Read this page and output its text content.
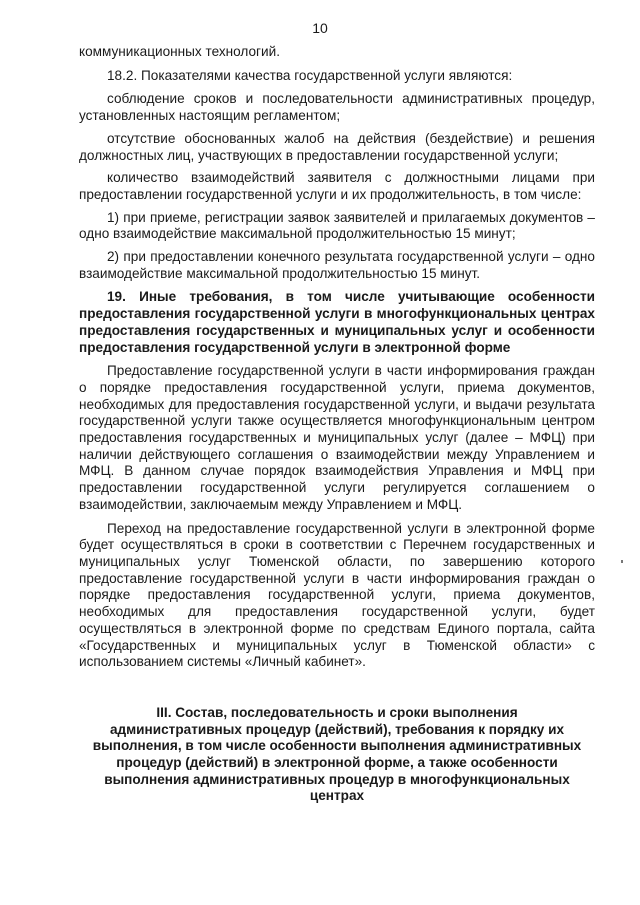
10

коммуникационных технологий.

18.2. Показателями качества государственной услуги являются:

соблюдение сроков и последовательности административных процедур, установленных настоящим регламентом;

отсутствие обоснованных жалоб на действия (бездействие) и решения должностных лиц, участвующих в предоставлении государственной услуги;

количество взаимодействий заявителя с должностными лицами при предоставлении государственной услуги и их продолжительность, в том числе:

1) при приеме, регистрации заявок заявителей и прилагаемых документов – одно взаимодействие максимальной продолжительностью 15 минут;

2) при предоставлении конечного результата государственной услуги – одно взаимодействие максимальной продолжительностью 15 минут.

19. Иные требования, в том числе учитывающие особенности предоставления государственной услуги в многофункциональных центрах предоставления государственных и муниципальных услуг и особенности предоставления государственной услуги в электронной форме

Предоставление государственной услуги в части информирования граждан о порядке предоставления государственной услуги, приема документов, необходимых для предоставления государственной услуги, и выдачи результата государственной услуги также осуществляется многофункциональным центром предоставления государственных и муниципальных услуг (далее – МФЦ) при наличии действующего соглашения о взаимодействии между Управлением и МФЦ. В данном случае порядок взаимодействия Управления и МФЦ при предоставлении государственной услуги регулируется соглашением о взаимодействии, заключаемым между Управлением и МФЦ.

Переход на предоставление государственной услуги в электронной форме будет осуществляться в сроки в соответствии с Перечнем государственных и муниципальных услуг Тюменской области, по завершению которого предоставление государственной услуги в части информирования граждан о порядке предоставления государственной услуги, приема документов, необходимых для предоставления государственной услуги, будет осуществляться в электронной форме по средствам Единого портала, сайта «Государственных и муниципальных услуг в Тюменской области» с использованием системы «Личный кабинет».

III. Состав, последовательность и сроки выполнения административных процедур (действий), требования к порядку их выполнения, в том числе особенности выполнения административных процедур (действий) в электронной форме, а также особенности выполнения административных процедур в многофункциональных центрах
